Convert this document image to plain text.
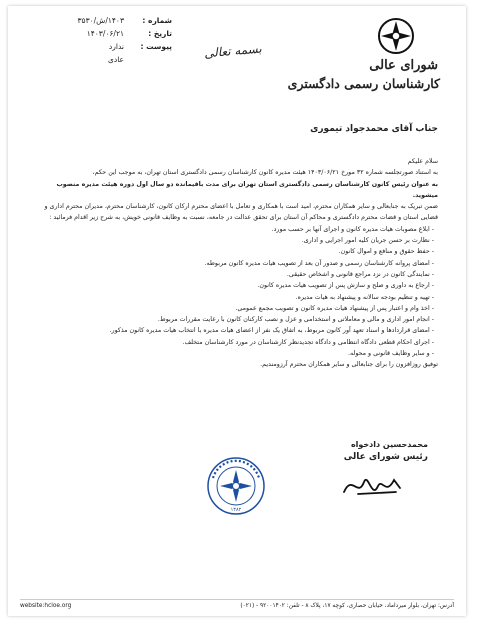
شورای عالی
کارشناسان رسمی دادگستری
بسمه تعالی
شماره :
۱۴۰۳/ش/۳۵۳۰
تاریخ :
۱۴۰۳/۰۶/۲۱
پیوست :
ندارد
عادی
جناب آقای محمدجواد تیموری

سلام علیکم

به استناد صورتجلسه شماره ۳۲ مورخ ۱۴۰۳/۰۶/۲۱ هیئت مدیره کانون کارشناسان رسمی دادگستری استان تهران، به موجب این حکم،

به عنوان رئیس کانون کارشناسان رسمی دادگستری استان تهران برای مدت باقیمانده دو سال اول دوره هیئت مدیره منصوب میشوید.

ضمن تبریک به جنابعالی و سایر همکاران محترم، امید است با همکاری و تعامل با اعضای محترم ارکان کانون، کارشناسان محترم، مدیران محترم اداری و قضایی استان و قضات محترم دادگستری و محاکم آن استان برای تحقق عدالت در جامعه، نسبت به وظایف قانونی خویش، به شرح زیر اقدام فرمائید :

- ابلاغ مصوبات هیات مدیره کانون و اجرای آنها بر حسب مورد.
- نظارت بر حسن جریان کلیه امور اجرایی و اداری.
- حفظ حقوق و منافع و اموال کانون.
- امضای پروانه کارشناسان رسمی و صدور آن بعد از تصویب هیات مدیره کانون مربوطه.
- نمایندگی کانون در نزد مراجع قانونی و اشخاص حقیقی.
- ارجاع به داوری و صلح و سازش پس از تصویب هیات مدیره کانون.
- تهیه و تنظیم بودجه سالانه و پیشنهاد به هیات مدیره.
- اخذ وام و اعتبار پس از پیشنهاد هیات مدیره کانون و تصویب مجمع عمومی.
- انجام امور اداری و مالی و معاملاتی و استخدامی و عزل و نصب کارکنان کانون با رعایت مقررات مربوط.
- امضای قراردادها و اسناد تعهد آور کانون مربوط، به اتفاق یک نفر از اعضای هیات مدیره با انتخاب هیات مدیره کانون مذکور.
- اجرای احکام قطعی دادگاه انتظامی و دادگاه تجدیدنظر کارشناسان در مورد کارشناسان متخلف.
- و سایر وظایف قانونی و محوله.

توفیق روزافزون را برای جنابعالی و سایر همکاران محترم آرزومندیم.

محمدحسین دادخواه
رئیس شورای عالی
۱۳۸۲
آدرس: تهران، بلوار میرداماد، خیابان حصاری، کوچه ۱۷، پلاک ۸ - تلفن: ۹۲۰۰۱۴۰۲ - (۰۲۱)
website:hcloe.org
